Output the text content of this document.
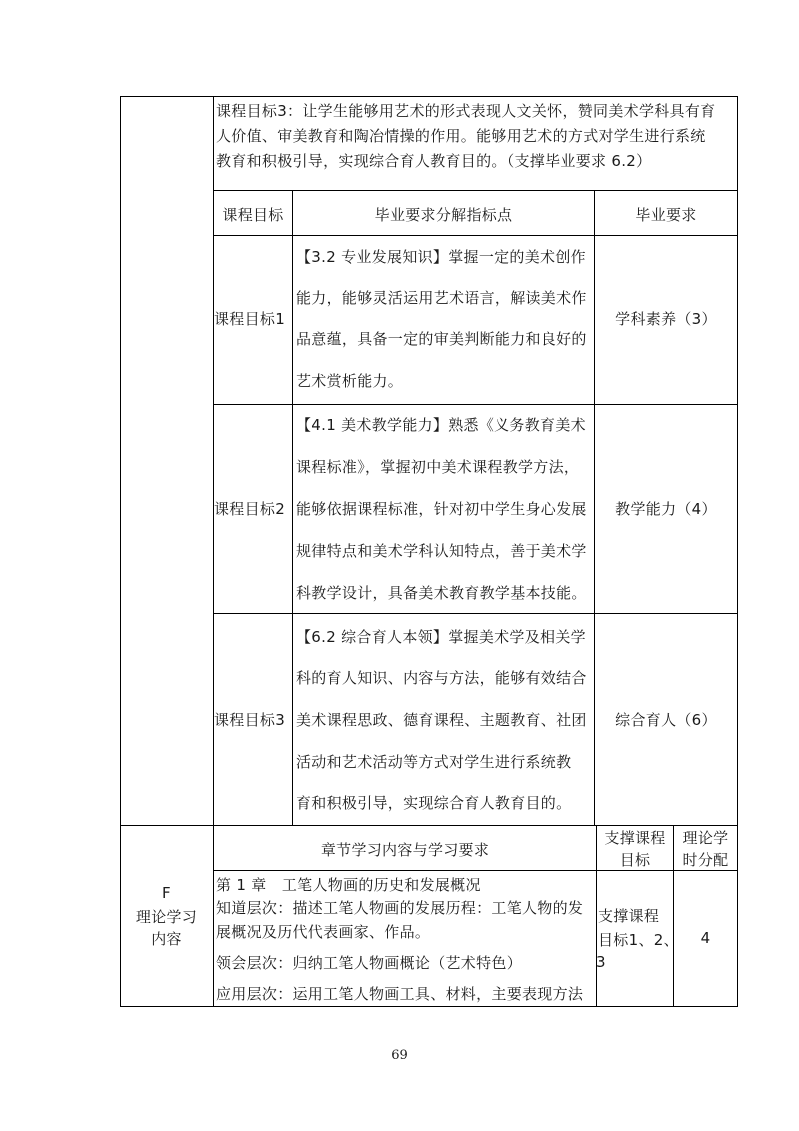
课程目标3：让学生能够用艺术的形式表现人文关怀，赞同美术学科具有育
人价值、审美教育和陶冶情操的作用。能够用艺术的方式对学生进行系统
教育和积极引导，实现综合育人教育目的。（支撑毕业要求 6.2）
课程目标	毕业要求分解指标点	毕业要求
课程目标1
【3.2 专业发展知识】掌握一定的美术创作
能力，能够灵活运用艺术语言，解读美术作
品意蕴，具备一定的审美判断能力和良好的
艺术赏析能力。
学科素养（3）
课程目标2
【4.1 美术教学能力】熟悉《义务教育美术
课程标准》，掌握初中美术课程教学方法，
能够依据课程标准，针对初中学生身心发展
规律特点和美术学科认知特点，善于美术学
科教学设计，具备美术教育教学基本技能。
教学能力（4）
课程目标3
【6.2 综合育人本领】掌握美术学及相关学
科的育人知识、内容与方法，能够有效结合
美术课程思政、德育课程、主题教育、社团
活动和艺术活动等方式对学生进行系统教
育和积极引导，实现综合育人教育目的。
综合育人（6）
F
理论学习
内容
章节学习内容与学习要求
支撑课程
目标
理论学
时分配
第 1 章　工笔人物画的历史和发展概况
知道层次：描述工笔人物画的发展历程：工笔人物的发
展概况及历代代表画家、作品。
领会层次：归纳工笔人物画概论（艺术特色）
应用层次：运用工笔人物画工具、材料，主要表现方法
支撑课程
目标1、2、
3
4
69
